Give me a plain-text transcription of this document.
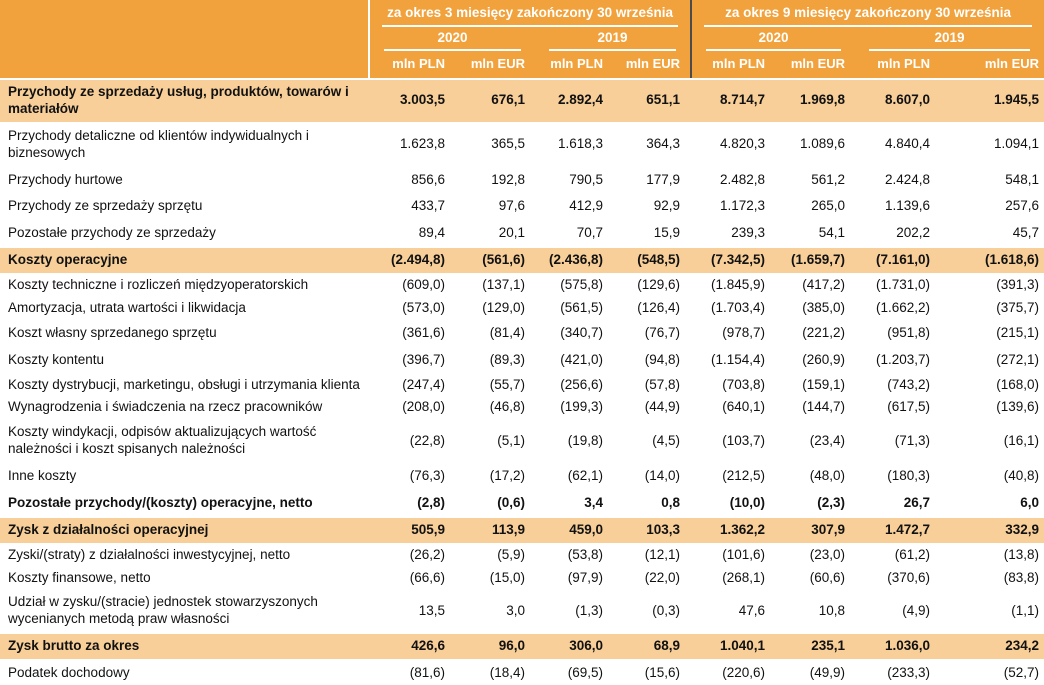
	za okres 3 miesięcy zakończony 30 września				za okres 9 miesięcy zakończony 30 września			

	2020		2019		2020		2019	

	mln PLN	mln EUR	mln PLN	mln EUR	mln PLN	mln EUR	mln PLN	mln EUR
Przychody ze sprzedaży usług, produktów, towarów i materiałów	3.003,5	676,1	2.892,4	651,1	8.714,7	1.969,8	8.607,0	1.945,5
Przychody detaliczne od klientów indywidualnych i biznesowych	1.623,8	365,5	1.618,3	364,3	4.820,3	1.089,6	4.840,4	1.094,1
Przychody hurtowe	856,6	192,8	790,5	177,9	2.482,8	561,2	2.424,8	548,1
Przychody ze sprzedaży sprzętu	433,7	97,6	412,9	92,9	1.172,3	265,0	1.139,6	257,6
Pozostałe przychody ze sprzedaży	89,4	20,1	70,7	15,9	239,3	54,1	202,2	45,7
Koszty operacyjne	(2.494,8)	(561,6)	(2.436,8)	(548,5)	(7.342,5)	(1.659,7)	(7.161,0)	(1.618,6)
Koszty techniczne i rozliczeń międzyoperatorskich	(609,0)	(137,1)	(575,8)	(129,6)	(1.845,9)	(417,2)	(1.731,0)	(391,3)
Amortyzacja, utrata wartości i likwidacja	(573,0)	(129,0)	(561,5)	(126,4)	(1.703,4)	(385,0)	(1.662,2)	(375,7)
Koszt własny sprzedanego sprzętu	(361,6)	(81,4)	(340,7)	(76,7)	(978,7)	(221,2)	(951,8)	(215,1)
Koszty kontentu	(396,7)	(89,3)	(421,0)	(94,8)	(1.154,4)	(260,9)	(1.203,7)	(272,1)
Koszty dystrybucji, marketingu, obsługi i utrzymania klienta	(247,4)	(55,7)	(256,6)	(57,8)	(703,8)	(159,1)	(743,2)	(168,0)
Wynagrodzenia i świadczenia na rzecz pracowników	(208,0)	(46,8)	(199,3)	(44,9)	(640,1)	(144,7)	(617,5)	(139,6)
Koszty windykacji, odpisów aktualizujących wartość należności i koszt spisanych należności	(22,8)	(5,1)	(19,8)	(4,5)	(103,7)	(23,4)	(71,3)	(16,1)
Inne koszty	(76,3)	(17,2)	(62,1)	(14,0)	(212,5)	(48,0)	(180,3)	(40,8)
Pozostałe przychody/(koszty) operacyjne, netto	(2,8)	(0,6)	3,4	0,8	(10,0)	(2,3)	26,7	6,0
Zysk z działalności operacyjnej	505,9	113,9	459,0	103,3	1.362,2	307,9	1.472,7	332,9
Zyski/(straty) z działalności inwestycyjnej, netto	(26,2)	(5,9)	(53,8)	(12,1)	(101,6)	(23,0)	(61,2)	(13,8)
Koszty finansowe, netto	(66,6)	(15,0)	(97,9)	(22,0)	(268,1)	(60,6)	(370,6)	(83,8)
Udział w zysku/(stracie) jednostek stowarzyszonych wycenianych metodą praw własności	13,5	3,0	(1,3)	(0,3)	47,6	10,8	(4,9)	(1,1)
Zysk brutto za okres	426,6	96,0	306,0	68,9	1.040,1	235,1	1.036,0	234,2
Podatek dochodowy	(81,6)	(18,4)	(69,5)	(15,6)	(220,6)	(49,9)	(233,3)	(52,7)
